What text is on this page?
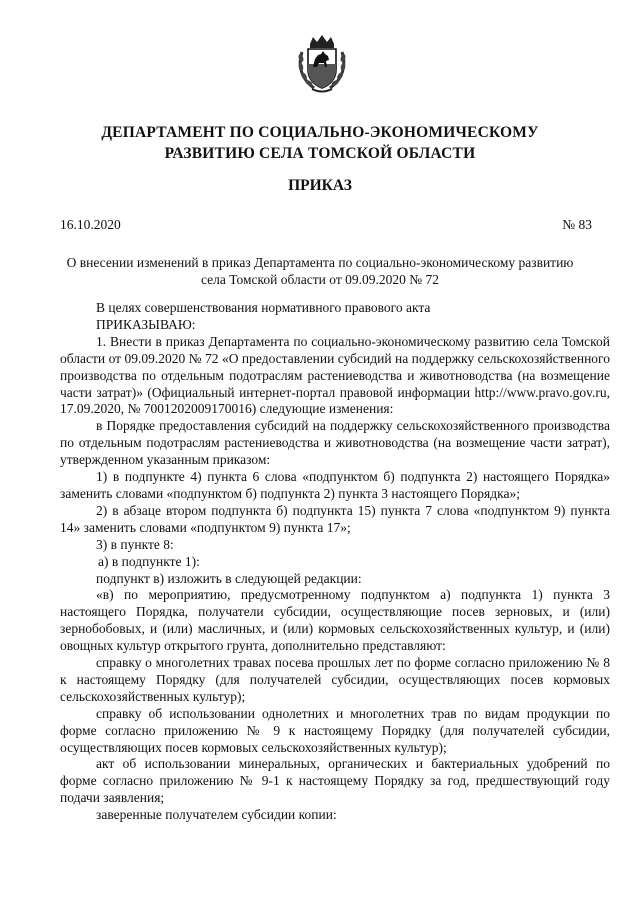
ДЕПАРТАМЕНТ ПО СОЦИАЛЬНО-ЭКОНОМИЧЕСКОМУ
РАЗВИТИЮ СЕЛА ТОМСКОЙ ОБЛАСТИ
ПРИКАЗ
16.10.2020	№ 83
О внесении изменений в приказ Департамента по социально-экономическому развитию
села Томской области от 09.09.2020 № 72

В целях совершенствования нормативного правового акта

ПРИКАЗЫВАЮ:

1. Внести в приказ Департамента по социально-экономическому развитию села Томской области от 09.09.2020 № 72 «О предоставлении субсидий на поддержку сельскохозяйственного производства по отдельным подотраслям растениеводства и животноводства (на возмещение части затрат)» (Официальный интернет-портал правовой информации http://www.pravo.gov.ru, 17.09.2020, № 7001202009170016) следующие изменения:

в Порядке предоставления субсидий на поддержку сельскохозяйственного производства по отдельным подотраслям растениеводства и животноводства (на возмещение части затрат), утвержденном указанным приказом:

1) в подпункте 4) пункта 6 слова «подпунктом б) подпункта 2) настоящего Порядка» заменить словами «подпунктом б) подпункта 2) пункта 3 настоящего Порядка»;

2) в абзаце втором подпункта б) подпункта 15) пункта 7 слова «подпунктом 9) пункта 14» заменить словами «подпунктом 9) пункта 17»;

3) в пункте 8:

а) в подпункте 1):

подпункт в) изложить в следующей редакции:

«в) по мероприятию, предусмотренному подпунктом а) подпункта 1) пункта 3 настоящего Порядка, получатели субсидии, осуществляющие посев зерновых, и (или) зернобобовых, и (или) масличных, и (или) кормовых сельскохозяйственных культур, и (или) овощных культур открытого грунта, дополнительно представляют:

справку о многолетних травах посева прошлых лет по форме согласно приложению № 8 к настоящему Порядку (для получателей субсидии, осуществляющих посев кормовых сельскохозяйственных культур);

справку об использовании однолетних и многолетних трав по видам продукции по форме согласно приложению № 9 к настоящему Порядку (для получателей субсидии, осуществляющих посев кормовых сельскохозяйственных культур);

акт об использовании минеральных, органических и бактериальных удобрений по форме согласно приложению № 9-1 к настоящему Порядку за год, предшествующий году подачи заявления;

заверенные получателем субсидии копии:
